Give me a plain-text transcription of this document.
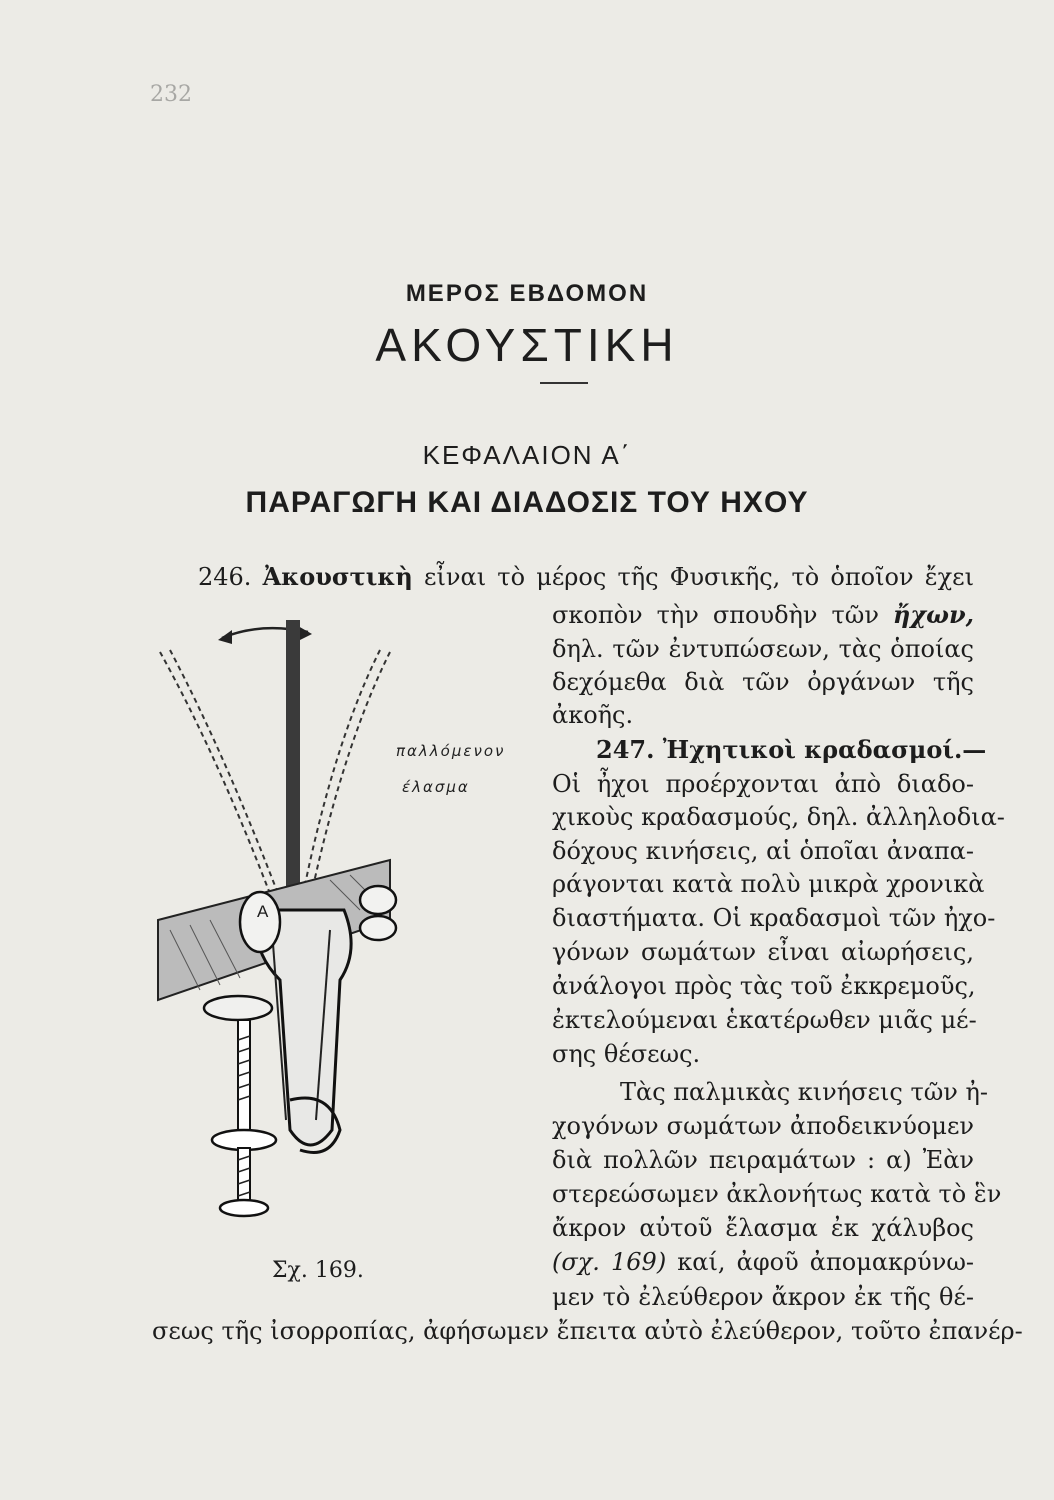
232
ΜΕΡΟΣ ΕΒΔΟΜΟΝ
ΑΚΟΥΣΤΙΚΗ
ΚΕΦΑΛΑΙΟΝ Α΄
ΠΑΡΑΓΩΓΗ ΚΑΙ ΔΙΑΔΟΣΙΣ ΤΟΥ ΗΧΟΥ
246. Ἀκουστικὴ εἶναι τὸ μέρος τῆς Φυσικῆς, τὸ ὁποῖον ἔχει
σκοπὸν τὴν σπουδὴν τῶν ἤχων,
δηλ. τῶν ἐντυπώσεων, τὰς ὁποίας
δεχόμεθα διὰ τῶν ὀργάνων τῆς
ἀκοῆς.
247. Ἠχητικοὶ κραδασμοί.—
Οἱ ἦχοι προέρχονται ἀπὸ διαδο-
χικοὺς κραδασμούς, δηλ. ἀλληλοδια-
δόχους κινήσεις, αἱ ὁποῖαι ἀναπα-
ράγονται κατὰ πολὺ μικρὰ χρονικὰ
διαστήματα. Οἱ κραδασμοὶ τῶν ἠχο-
γόνων σωμάτων εἶναι αἰωρήσεις,
ἀνάλογοι πρὸς τὰς τοῦ ἐκκρεμοῦς,
ἐκτελούμεναι ἑκατέρωθεν μιᾶς μέ-
σης θέσεως.
Τὰς παλμικὰς κινήσεις τῶν ἠ-
χογόνων σωμάτων ἀποδεικνύομεν
διὰ πολλῶν πειραμάτων : α) Ἐὰν
στερεώσωμεν ἀκλονήτως κατὰ τὸ ἓν
ἄκρον αὐτοῦ ἔλασμα ἐκ χάλυβος
(σχ. 169) καί, ἀφοῦ ἀπομακρύνω-
μεν τὸ ἐλεύθερον ἄκρον ἐκ τῆς θέ-
σεως τῆς ἰσορροπίας, ἀφήσωμεν ἔπειτα αὐτὸ ἐλεύθερον, τοῦτο ἐπανέρ-
παλλόμενον
έλασμα
Α
Σχ. 169.
